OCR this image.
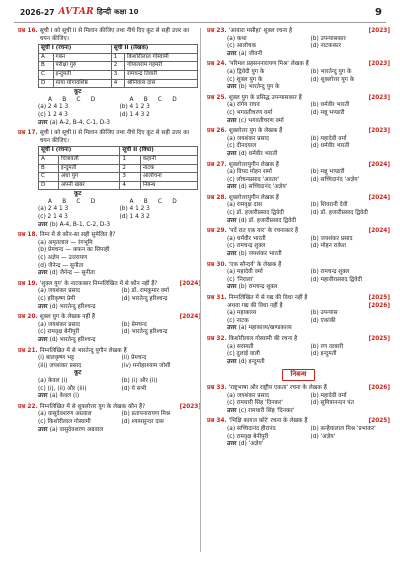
2026-27 AVTAR हिन्दी कक्षा 10	9
प्रश्न 16. सूची I को सूची II से मिलान कीजिए तथा नीचे दिए कूट से सही उत्तर का चयन कीजिए।
सूची I (रचना)		सूची II (लेखक)	
A	गबन	1	किशोरीलाल गोस्वामी
B	परीक्षा गुरु	2	गोपालराम गहमरी
C	इन्दुमती	3	रामचन्द्र तिवारी
D	माया योगावशिष्ठ	4	श्रीनिवास दास
कूट
A B C D	A B C D
(a) 2 4 1 3	(b) 4 1 2 3
(c) 1 2 4 3	(d) 1 4 3 2
उत्तर (a) A-2, B-4, C-1, D-3
प्रश्न 17. सूची I को सूची II से मिलान कीजिए तथा नीचे दिए कूट से सही उत्तर का चयन कीजिए।
सूची I (रचना)		सूची II (विधा)	
A	चित्रावली	1	कहानी
B	इन्दुमती	2	नाटक
C	अंधा युग	3	आलोचना
D	अपनी खबर	4	निबन्ध
कूट
A B C D	A B C D
(a) 2 4 1 3	(b) 4 1 2 3
(c) 2 1 4 3	(d) 1 4 3 2
उत्तर (b) A-4, B-1, C-2, D-3
प्रश्न 18. निम्न में से कौन-सा सही सुमेलित है?
(a) अमृतलाल — रंगभूमि
(b) प्रेमचन्द — कफन का सिपाही
(c) अज्ञेय — उत्तरायण
(d) जैनेन्द्र — सुनीता
उत्तर (d) जैनेन्द्र — सुनीता
प्रश्न 19. 'शुक्ल युग' के नाटककार निम्नलिखित में से कौन नहीं हैं?	[2024]
(a) जयशंकर प्रसाद	(b) डॉ. रामकुमार वर्मा
(c) हरिकृष्ण प्रेमी	(d) भारतेन्दु हरिश्चन्द्र
उत्तर (d) भारतेन्दु हरिश्चन्द्र
प्रश्न 20. शुक्ल युग के लेखक नहीं हैं	[2024]
(a) जयशंकर प्रसाद	(b) प्रेमचन्द
(c) रामवृक्ष बेनीपुरी	(d) भारतेन्दु हरिश्चन्द्र
उत्तर (d) भारतेन्दु हरिश्चन्द्र
प्रश्न 21. निम्नलिखित में से भारतेन्दु युगीन लेखक हैं
(i) बालकृष्ण भट्ट	(ii) प्रेमचन्द
(iii) जयशंकर प्रसाद	(iv) मनोहरश्याम जोशी
कूट
(a) केवल (i)	(b) (i) और (ii)
(c) (i), (ii) और (iii)	(d) ये सभी
उत्तर (a) केवल (i)
प्रश्न 22. निम्नलिखित में से शुक्लोत्तर युग के लेखक कौन हैं?	[2023]
(a) वासुदेवशरण अग्रवाल	(b) प्रतापनारायण मिश्र
(c) किशोरीलाल गोस्वामी	(d) श्यामसुन्दर दास
उत्तर (a) वासुदेवशरण अग्रवाल
प्रश्न 23. 'आवारा मसीहा' शुक्ल रचना है	[2023]
(a) कथा	(b) उपन्यासकार
(c) आलोचक	(d) नाटककार
उत्तर (a) जीवनी
प्रश्न 24. 'परिमल प्रहसननारायण मिश्र' लेखक हैं	[2023]
(a) द्विवेदी युग के	(b) भारतेन्दु युग के
(c) शुक्ल युग के	(d) शुक्लोत्तर युग के
उत्तर (b) भारतेन्दु युग के
प्रश्न 25. शुक्ल युग के प्रसिद्ध उपन्यासकार हैं	[2023]
(a) रांगेय राघव	(b) धर्मवीर भारती
(c) भगवतीचरण वर्मा	(d) मन्नू भण्डारी
उत्तर (c) भगवतीचरण वर्मा
प्रश्न 26. शुक्लोत्तर युग के लेखक हैं	[2023]
(a) जयशंकर प्रसाद	(b) महादेवी वर्मा
(c) दीनदयाल	(d) धर्मवीर भारती
उत्तर (d) धर्मवीर भारती
प्रश्न 27. शुक्लोत्तरयुगीन लेखक हैं	[2024]
(a) विपद मोहन शर्मा	(b) मन्नू भण्डारी
(c) लोचनप्रसाद 'अवतर'	(d) सच्चिदानंद 'अज्ञेय'
उत्तर (d) सच्चिदानंद 'अज्ञेय'
प्रश्न 28. शुक्लोत्तरयुगीन लेखक हैं	[2024]
(a) रामवृक्ष दास	(b) शिवरानी देवी
(c) डॉ. हजारीप्रसाद द्विवेदी	(d) डॉ. हजारीप्रसाद द्विवेदी
उत्तर (d) डॉ. हजारीप्रसाद द्विवेदी
प्रश्न 29. 'पर्दे रात एक यार' के रचनाकार हैं	[2024]
(a) धर्मवीर भारती	(b) जयशंकर प्रसाद
(c) रामचन्द्र शुक्ल	(d) मोहन राकेश
उत्तर (b) जयशंकर भारती
प्रश्न 30. 'एक सौन्दर्य' के लेखक हैं
(a) महादेवी वर्मा	(b) रामचन्द्र शुक्ल
(c) 'निराला'	(d) महावीरप्रसाद द्विवेदी
उत्तर (b) रामचन्द्र शुक्ल
प्रश्न 31. निम्नलिखित में से गद्य की विधा नहीं है	[2025]
अथवा गद्य की विधा नहीं है	[2026]
(a) महाकाव्य	(b) उपन्यास
(c) नाटक	(d) एकांकी
उत्तर (a) महाकाव्य/खण्डकाव्य
प्रश्न 32. किशोरीलाल गोस्वामी की रचना है	[2025]
(a) सरस्वती	(b) रण दरबारी
(c) दुलाई वाली	(d) इन्दुमती
उत्तर (d) इन्दुमती
निबन्ध
प्रश्न 33. 'राष्ट्रभाषा और राष्ट्रीय एकता' रचना के लेखक हैं	[2026]
(a) जयशंकर प्रसाद	(b) महादेवी वर्मा
(c) रामधारी सिंह 'दिनकर'	(d) सुमित्रानन्दन पंत
उत्तर (c) रामधारी सिंह 'दिनकर'
प्रश्न 34. 'भिक्षि कागज कोरे' रचना के लेखक हैं	[2025]
(a) सच्चिदानंद हीरानंद	(b) कन्हैयालाल मिश्र 'प्रभाकर'
(c) रामवृक्ष बेनीपुरी	(d) 'अज्ञेय'
उत्तर (d) 'अज्ञेय'
